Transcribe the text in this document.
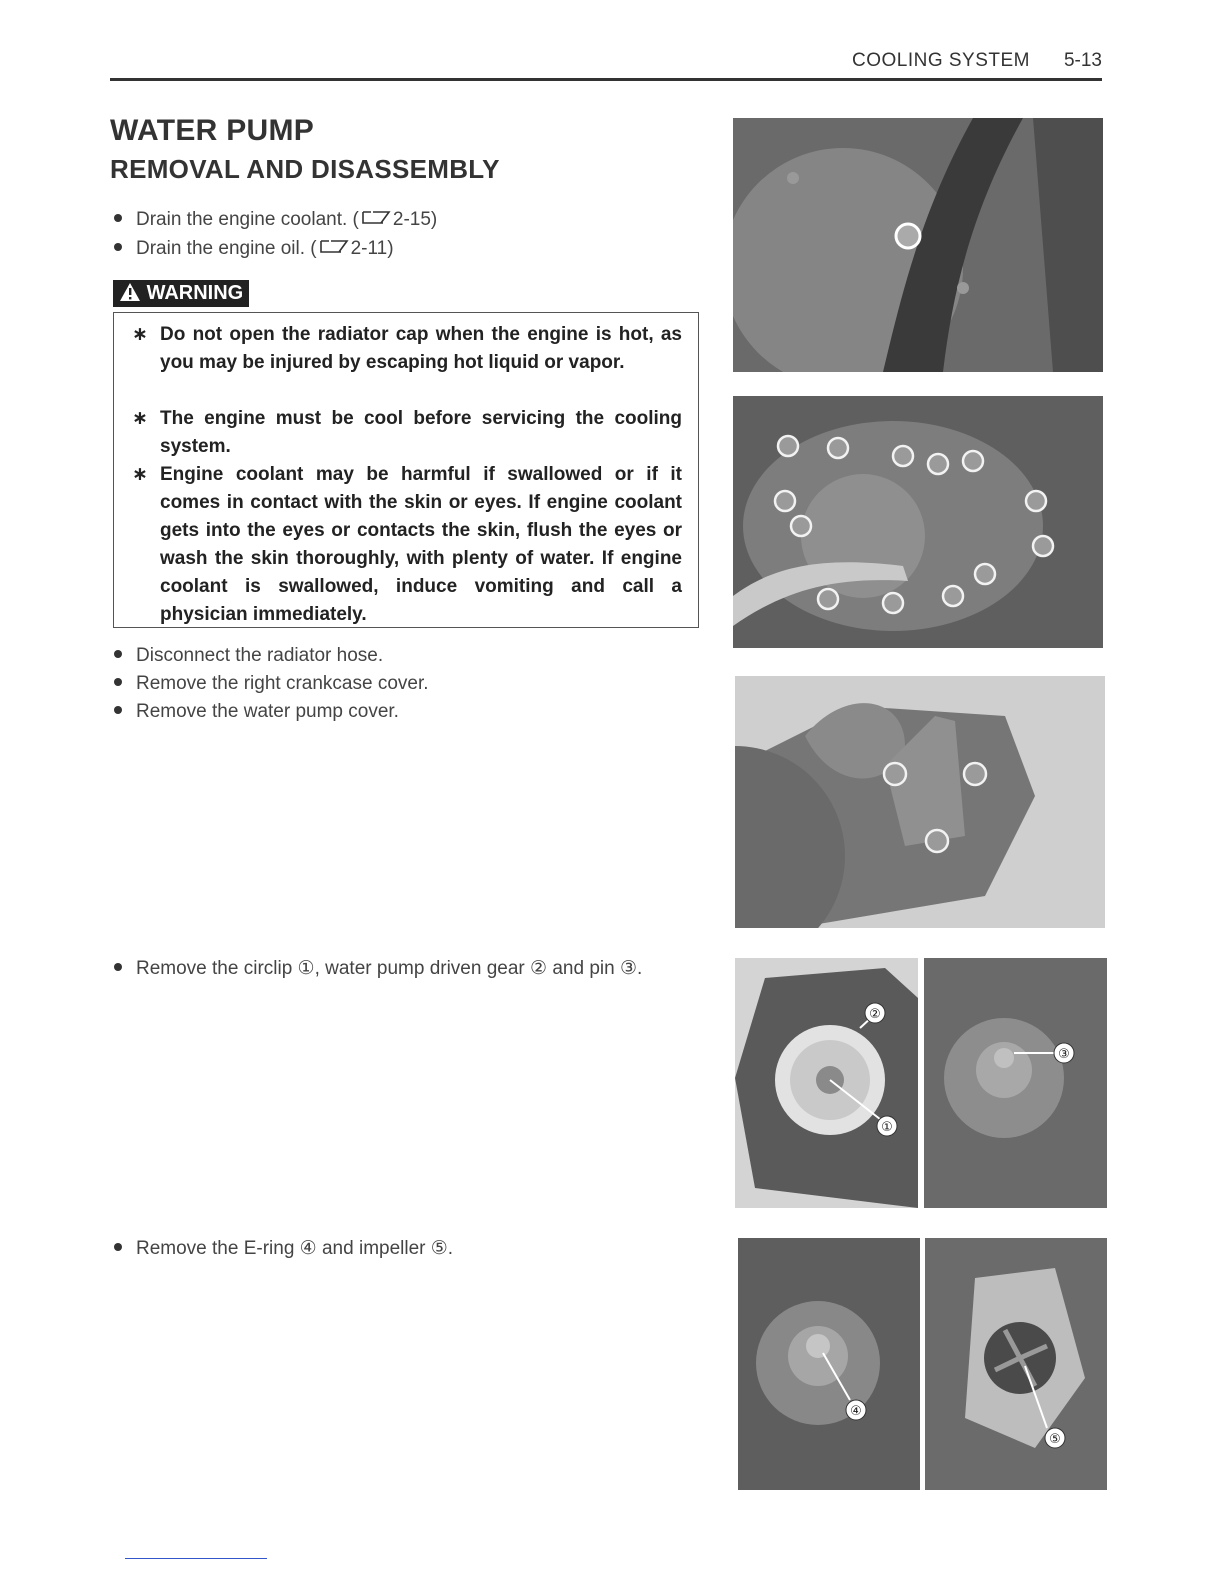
COOLING SYSTEM 5-13
WATER PUMP
REMOVAL AND DISASSEMBLY
Drain the engine coolant. ( 2-15)
Drain the engine oil. ( 2-11)
WARNING
∗ Do not open the radiator cap when the engine is hot, as you may be injured by escaping hot liquid or vapor.
∗ The engine must be cool before servicing the cooling system.
∗ Engine coolant may be harmful if swallowed or if it comes in contact with the skin or eyes. If engine coolant gets into the eyes or contacts the skin, flush the eyes or wash the skin thoroughly, with plenty of water. If engine coolant is swallowed, induce vomiting and call a physician immediately.
Disconnect the radiator hose.
Remove the right crankcase cover.
Remove the water pump cover.
Remove the circlip ①, water pump driven gear ② and pin ③.
Remove the E-ring ④ and impeller ⑤.
①
②
③
④
⑤
